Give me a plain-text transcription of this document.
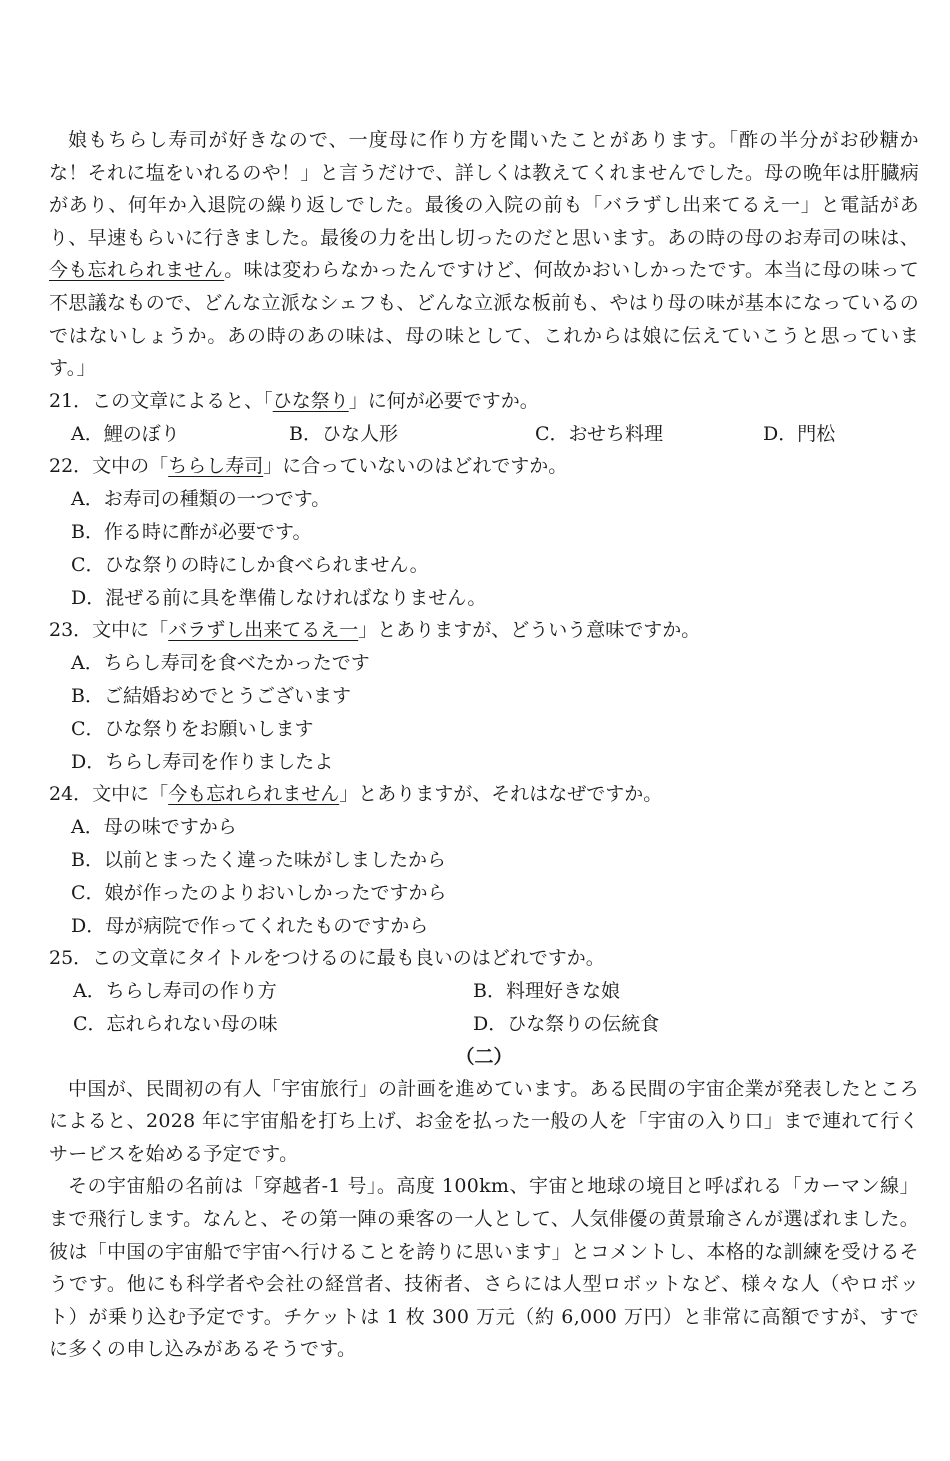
娘もちらし寿司が好きなので、一度母に作り方を聞いたことがあります。「酢の半分がお砂糖かな！それに塩をいれるのや！」と言うだけで、詳しくは教えてくれませんでした。母の晩年は肝臓病があり、何年か入退院の繰り返しでした。最後の入院の前も「バラずし出来てるえ一」と電話があり、早速もらいに行きました。最後の力を出し切ったのだと思います。あの時の母のお寿司の味は、今も忘れられません。味は変わらなかったんですけど、何故かおいしかったです。本当に母の味って不思議なもので、どんな立派なシェフも、どんな立派な板前も、やはり母の味が基本になっているのではないしょうか。あの時のあの味は、母の味として、これからは娘に伝えていこうと思っています。」

21．この文章によると、「ひな祭り」に何が必要ですか。

A．鯉のぼり	B．ひな人形	C．おせち料理	D．門松

22．文中の「ちらし寿司」に合っていないのはどれですか。

A．お寿司の種類の一つです。

B．作る時に酢が必要です。

C．ひな祭りの時にしか食べられません。

D．混ぜる前に具を準備しなければなりません。

23．文中に「バラずし出来てるえ一」とありますが、どういう意味ですか。

A．ちらし寿司を食べたかったです

B．ご結婚おめでとうございます

C．ひな祭りをお願いします

D．ちらし寿司を作りましたよ

24．文中に「今も忘れられません」とありますが、それはなぜですか。

A．母の味ですから

B．以前とまったく違った味がしましたから

C．娘が作ったのよりおいしかったですから

D．母が病院で作ってくれたものですから

25．この文章にタイトルをつけるのに最も良いのはどれですか。

A．ちらし寿司の作り方	B．料理好きな娘
C．忘れられない母の味	D．ひな祭りの伝統食

（二）

中国が、民間初の有人「宇宙旅行」の計画を進めています。ある民間の宇宙企業が発表したところによると、2028 年に宇宙船を打ち上げ、お金を払った一般の人を「宇宙の入り口」まで連れて行くサービスを始める予定です。

その宇宙船の名前は「穿越者-1 号」。高度 100km、宇宙と地球の境目と呼ばれる「カーマン線」まで飛行します。なんと、その第一陣の乗客の一人として、人気俳優の黄景瑜さんが選ばれました。彼は「中国の宇宙船で宇宙へ行けることを誇りに思います」とコメントし、本格的な訓練を受けるそうです。他にも科学者や会社の経営者、技術者、さらには人型ロボットなど、様々な人（やロボット）が乗り込む予定です。チケットは 1 枚 300 万元（約 6,000 万円）と非常に高額ですが、すでに多くの申し込みがあるそうです。
